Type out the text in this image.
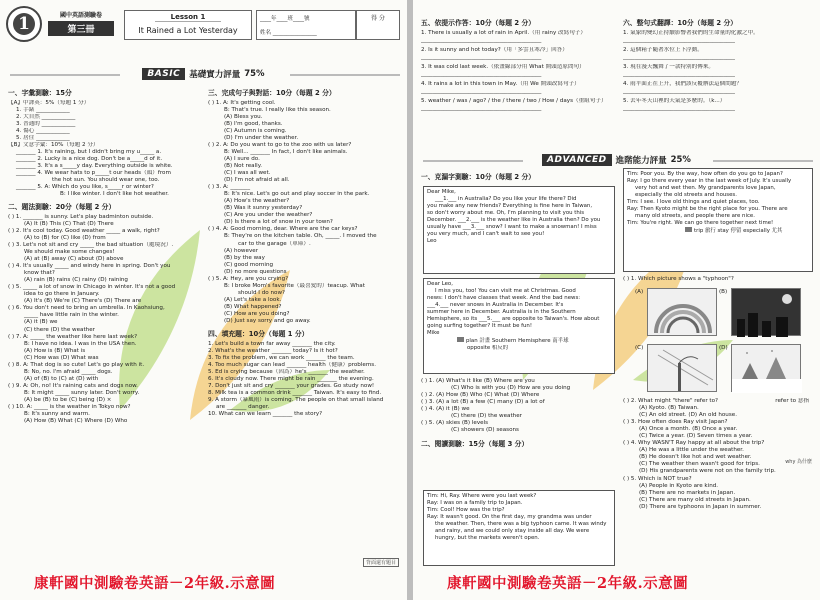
1	國中英語測驗卷
第三冊
Lesson 1
It Rained a Lot Yesterday
____年____班____號
姓名 ________________
得 分
BASIC	基礎實力評量 75%
一、字彙測驗：15分
【A】中譯英：5%（每題 1 分）
1. 手錶 ____________
2. 大自然 ____________
3. 普通的 ____________
4. 傷心 ____________
5. 居住 ____________
【B】文意字彙：10%（每題 2 分）
_______ 1. It's raining, but I didn't bring my u_____ a.
_______ 2. Lucky is a nice dog. Don't be a_____d of it.
_______ 3. It's a s_____y day. Everything outside is white.
_______ 4. We wear hats to p_____t our heads（頭）from
the hot sun. You should wear one, too.
_______ 5. A: Which do you like, s_____r or winter?
B: I like winter. I don't like hot weather.
二、題法測驗：20分（每題 2 分）
( ) 1. _______ is sunny. Let's play badminton outside.
(A) It (B) This (C) That (D) There
( ) 2. It's cool today. Good weather _____ a walk, right?
(A) to (B) for (C) like (D) from
( ) 3. Let's not sit and cry _____ the bad situation（處境況）.
We should make some changes!
(A) at (B) away (C) about (D) above
( ) 4. It's usually _____ and windy here in spring. Don't you
know that?
(A) rain (B) rains (C) rainy (D) raining
( ) 5. _____ a lot of snow in Chicago in winter. It's not a good
idea to go there in January.
(A) It's (B) We're (C) There's (D) There are
( ) 6. You don't need to bring an umbrella. In Kaohsiung,
_____ have little rain in the winter.
(A) it (B) we
(C) there (D) the weather
( ) 7. A: _____ the weather like here last week?
B: I have no idea. I was in the USA then.
(A) How is (B) What is
(C) How was (D) What was
( ) 8. A: That dog is so cute! Let's go play with it.
B: No, no. I'm afraid _____ dogs.
(A) of (B) to (C) at (D) with
( ) 9. A: Oh, no! It's raining cats and dogs now.
B: It might _____ sunny later. Don't worry.
(A) be (B) to be (C) being (D) ×
( ) 10. A: _____ is the weather in Tokyo now?
B: It's sunny and warm.
(A) How (B) What (C) Where (D) Who
三、完成句子與對話：10分（每題 2 分）
( ) 1. A: It's getting cool.
B: That's true. I really like this season.
(A) Bless you.
(B) I'm good, thanks.
(C) Autumn is coming.
(D) I'm under the weather.
( ) 2. A: Do you want to go to the zoo with us later?
B: Well... _______ In fact, I don't like animals.
(A) I sure do.
(B) Not really.
(C) I was all wet.
(D) I'm not afraid at all.
( ) 3. A: _______
B: It's nice. Let's go out and play soccer in the park.
(A) How's the weather?
(B) Was it sunny yesterday?
(C) Are you under the weather?
(D) Is there a lot of snow in your town?
( ) 4. A: Good morning, dear. Where are the car keys?
B: They're on the kitchen table. Oh, _____. I moved the
car to the garage（車庫）.
(A) however
(B) by the way
(C) good morning
(D) no more questions
( ) 5. A: Hey, are you crying?
B: I broke Mom's favorite（最喜愛的）teacup. What
should I do now?
(A) Let's take a look.
(B) What happened?
(C) How are you doing?
(D) Just say sorry and go away.
四、填充題：10分（每題 1 分）
1. Let's build a town far away _______ the city.
2. What's the weather _______ today? Is it hot?
3. To fix the problem, we can work _______ the team.
4. Too much sugar can lead _______ health（健康）problems.
5. Ed is crying because（因為）he's _______ the weather.
6. It's cloudy now. There might be rain _______ the evening.
7. Don't just sit and cry _______ your grades. Go study now!
8. Milk tea is a common drink _______ Taiwan. It's easy to find.
9. A storm（暴風雨）is coming. The people on that small island
are _______ danger.
10. What can we learn _______ the story?
背面還有題目
康軒國中測驗卷英語－2年級.示意圖
五、依提示作答：10分（每題 2 分）
1. There is usually a lot of rain in April.（用 rainy 改寫句子）
___________________________________________
2. Is it sunny and hot today?（用「多雲且寒冷」回答）
___________________________________________
3. It was cold last week.（依畫線部分用 What 開頭造原問句）
___________________________________________
4. It rains a lot in this town in May.（用 We 開頭改寫句子）
___________________________________________
5. weather / was / ago? / the / there / two / How / days（重組句子）
___________________________________________
六、整句式翻譯：10分（每題 2 分）
1. 氣象的變幻正持續影響著我們的生命量的化激之中。
________________________________________
2. 這個箱子隨著水位上下浮動。
________________________________________
3. 現在漫天飄舞了一款特別的傳來。
________________________________________
4. 雨平面正在上升，我們該反覆辦法這個問題？
________________________________________
5. 去年冬天山裡的天氣是多麼的。（k...）
________________________________________
ADVANCED	進階能力評量 25%
一、克漏字測驗：10分（每題 2 分）
Dear Mike,
___1.___ in Australia? Do you like your life there? Did
you make any new friends? Everything is fine here in Taiwan,
so don't worry about me. Oh, I'm planning to visit you this
December. ___2.___ is the weather like in Australia then? Do you
usually have ___3.___ snow? I want to make a snowman! I miss
you very much, and I can't wait to see you!
Leo
Dear Leo,
I miss you, too! You can visit me at Christmas. Good
news: I don't have classes that week. And the bad news:
___4.___ never snows in Australia in December. It's
summer here in December. Australia is in the Southern
Hemisphere, so its ___5.___ are opposite to Taiwan's. How about
going surfing together? It must be fun!
Mike
plan 計畫 Southern Hemisphere 南半球
opposite 相反的
( ) 1. (A) What's it like (B) Where are you
(C) Who is with you (D) How are you doing
( ) 2. (A) How (B) Who (C) What (D) Where
( ) 3. (A) a lot (B) a few (C) many (D) a lot of
( ) 4. (A) it (B) we
(C) there (D) the weather
( ) 5. (A) skies (B) levels
(C) showers (D) seasons
二、閱讀測驗：15分（每題 3 分）
Tim: Hi, Ray. Where were you last week?
Ray: I was on a family trip to Japan.
Tim: Cool! How was the trip?
Ray: It wasn't good. On the first day, my grandma was under
the weather. Then, there was a big typhoon came. It was windy
and rainy, and we could only stay inside all day. We were
hungry, but the markets weren't open.
Tim: Poor you. By the way, how often do you go to Japan?
Ray: I go there every year in the last week of July. It's usually
very hot and wet then. My grandparents love Japan,
especially the old streets and houses.
Tim: I see. I love old things and quiet places, too.
Ray: Then Kyoto might be the right place for you. There are
many old streets, and people there are nice.
Tim: You're right. We can go there together next time!
trip 旅行 stay 停留 especially 尤其
( ) 1. Which picture shows a "typhoon"?
(A)	(B)
(C)	(D)
( ) 2. What might "there" refer to?	refer to 意指
(A) Kyoto. (B) Taiwan.
(C) An old street. (D) An old house.
( ) 3. How often does Ray visit Japan?
(A) Once a month. (B) Once a year.
(C) Twice a year. (D) Seven times a year.
( ) 4. Why WASN'T Ray happy at all about the trip?
(A) He was a little under the weather.
(B) He doesn't like hot and wet weather.
(C) The weather then wasn't good for trips.
(D) His grandparents were not on the family trip.
( ) 5. Which is NOT true?
(A) People in Kyoto are kind.
(B) There are no markets in Japan.
(C) There are many old streets in Japan.
(D) There are typhoons in Japan in summer.
why 為什麼
康軒國中測驗卷英語－2年級.示意圖
